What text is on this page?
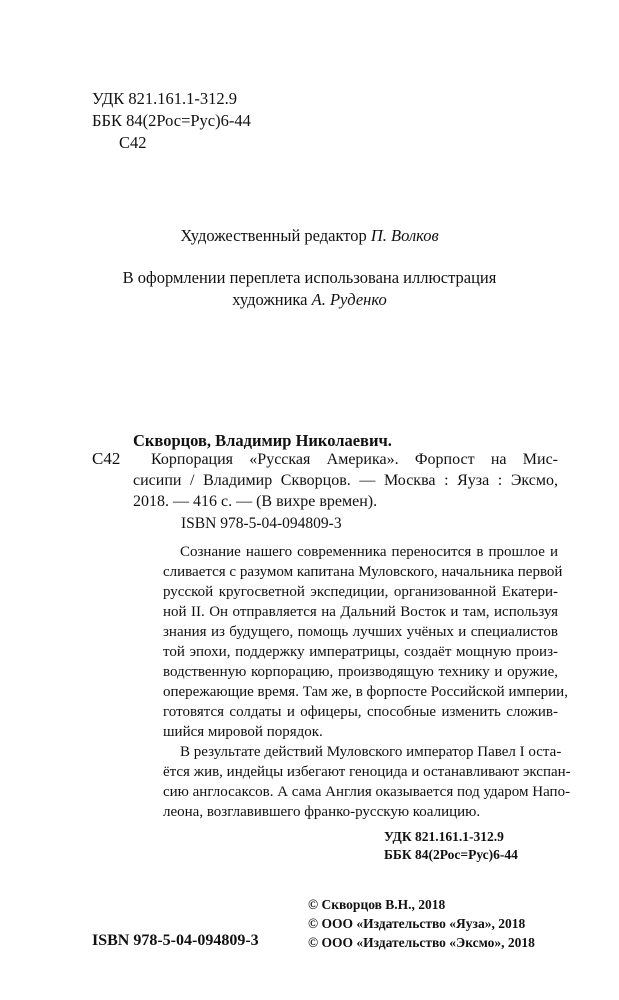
УДК 821.161.1-312.9
ББК 84(2Рос=Рус)6-44
С42
Художественный редактор П. Волков
В оформлении переплета использована иллюстрация
художника А. Руденко
Скворцов, Владимир Николаевич.
С42 Корпорация «Русская Америка». Форпост на Мис-
сисипи / Владимир Скворцов. — Москва : Яуза : Эксмо,
2018. — 416 с. — (В вихре времен).
ISBN 978-5-04-094809-3
Сознание нашего современника переносится в прошлое и
сливается с разумом капитана Муловского, начальника первой
русской кругосветной экспедиции, организованной Екатери-
ной II. Он отправляется на Дальний Восток и там, используя
знания из будущего, помощь лучших учёных и специалистов
той эпохи, поддержку императрицы, создаёт мощную произ-
водственную корпорацию, производящую технику и оружие,
опережающие время. Там же, в форпосте Российской империи,
готовятся солдаты и офицеры, способные изменить сложив-
шийся мировой порядок.
В результате действий Муловского император Павел I оста-
ётся жив, индейцы избегают геноцида и останавливают экспан-
сию англосаксов. А сама Англия оказывается под ударом Напо-
леона, возглавившего франко-русскую коалицию.
УДК 821.161.1-312.9
ББК 84(2Рос=Рус)6-44
© Скворцов В.Н., 2018
© ООО «Издательство «Яуза», 2018
© ООО «Издательство «Эксмо», 2018
ISBN 978-5-04-094809-3
